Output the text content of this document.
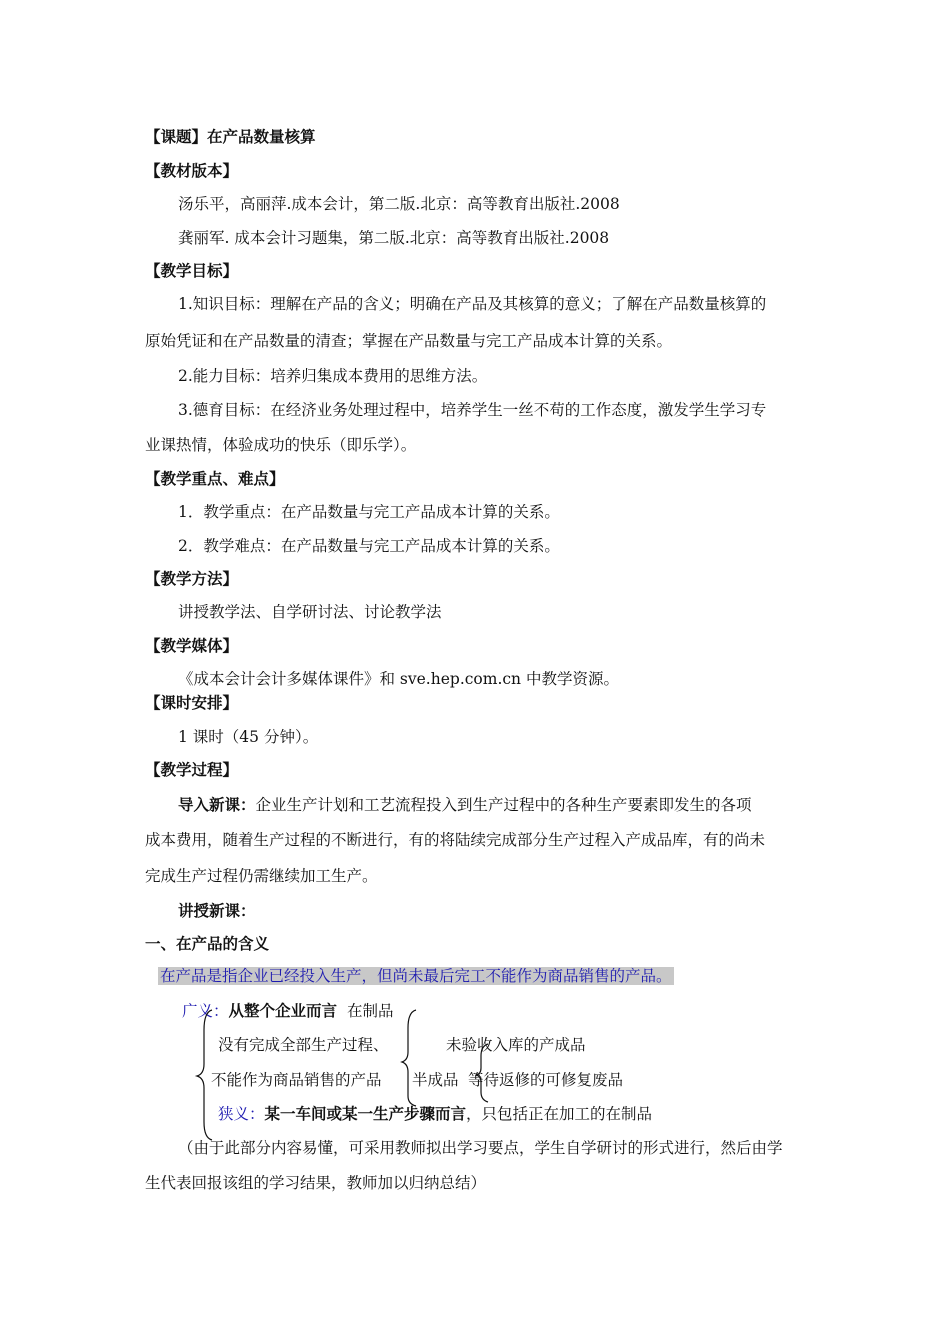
【课题】在产品数量核算
【教材版本】
汤乐平，高丽萍.成本会计，第二版.北京：高等教育出版社.2008
龚丽军. 成本会计习题集，第二版.北京：高等教育出版社.2008
【教学目标】
1.知识目标：理解在产品的含义；明确在产品及其核算的意义；了解在产品数量核算的
原始凭证和在产品数量的清查；掌握在产品数量与完工产品成本计算的关系。
2.能力目标：培养归集成本费用的思维方法。
3.德育目标：在经济业务处理过程中，培养学生一丝不苟的工作态度，激发学生学习专
业课热情，体验成功的快乐（即乐学）。
【教学重点、难点】
1．教学重点：在产品数量与完工产品成本计算的关系。
2．教学难点：在产品数量与完工产品成本计算的关系。
【教学方法】
讲授教学法、自学研讨法、讨论教学法
【教学媒体】
《成本会计会计多媒体课件》和 sve.hep.com.cn 中教学资源。
【课时安排】
1 课时（45 分钟）。
【教学过程】
导入新课：企业生产计划和工艺流程投入到生产过程中的各种生产要素即发生的各项
成本费用，随着生产过程的不断进行，有的将陆续完成部分生产过程入产成品库，有的尚未
完成生产过程仍需继续加工生产。
讲授新课：
一、在产品的含义
在产品是指企业已经投入生产，但尚未最后完工不能作为商品销售的产品。
广义：从整个企业而言 在制品
没有完成全部生产过程、	未验收入库的产成品
不能作为商品销售的产品 半成品 等待返修的可修复废品
狭义：某一车间或某一生产步骤而言，只包括正在加工的在制品
（由于此部分内容易懂，可采用教师拟出学习要点，学生自学研讨的形式进行，然后由学
生代表回报该组的学习结果，教师加以归纳总结）
